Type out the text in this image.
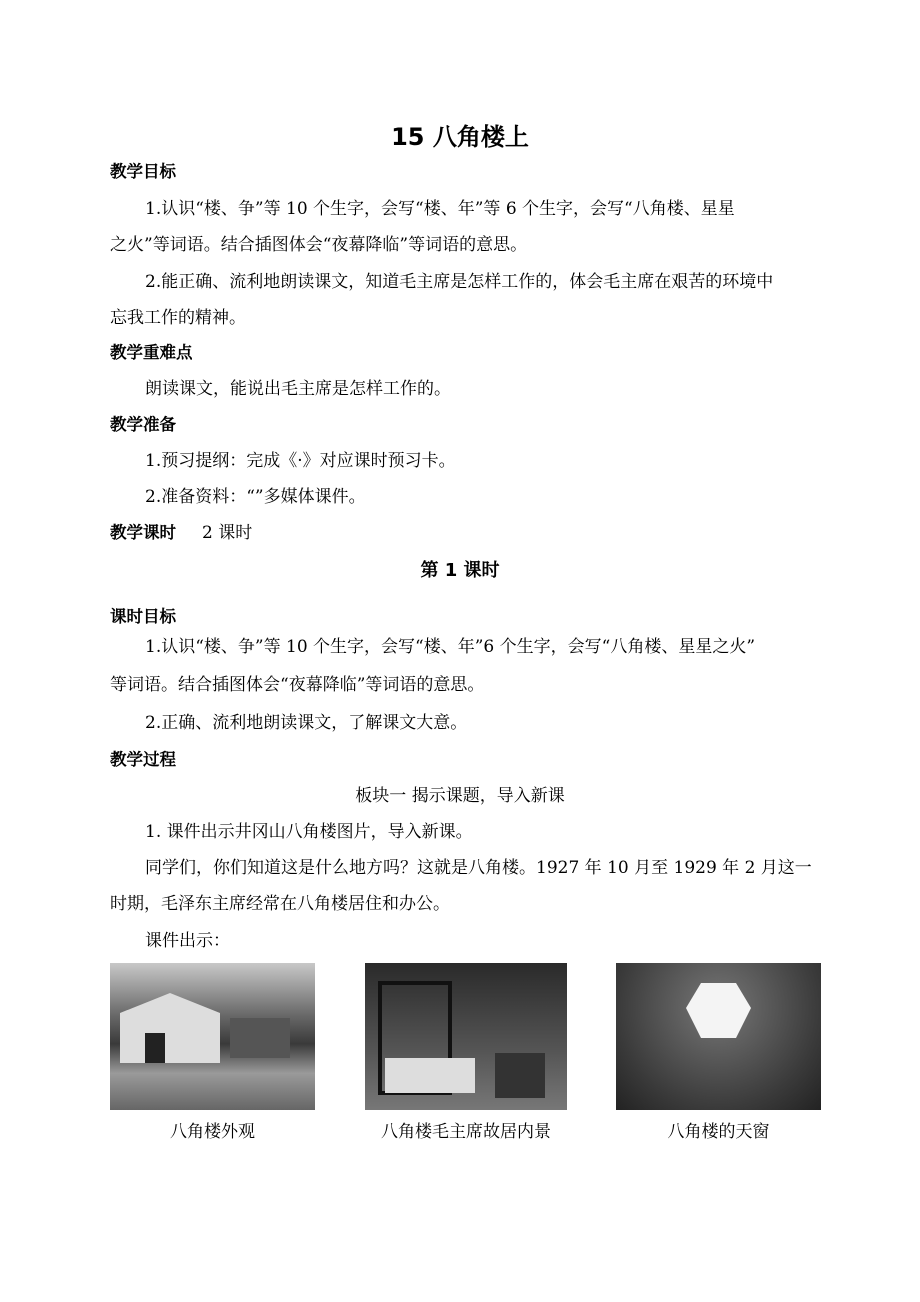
15 八角楼上
教学目标
1.认识“楼、争”等 10 个生字，会写“楼、年”等 6 个生字，会写“八角楼、星星
之火”等词语。结合插图体会“夜幕降临”等词语的意思。
2.能正确、流利地朗读课文，知道毛主席是怎样工作的，体会毛主席在艰苦的环境中
忘我工作的精神。
教学重难点
朗读课文，能说出毛主席是怎样工作的。
教学准备
1.预习提纲：完成《·》对应课时预习卡。
2.准备资料：“”多媒体课件。
教学课时 2 课时
第 1 课时
课时目标
1.认识“楼、争”等 10 个生字，会写“楼、年”6 个生字，会写“八角楼、星星之火”
等词语。结合插图体会“夜幕降临”等词语的意思。
2.正确、流利地朗读课文，了解课文大意。
教学过程
板块一 揭示课题，导入新课
1. 课件出示井冈山八角楼图片，导入新课。
同学们，你们知道这是什么地方吗？这就是八角楼。1927 年 10 月至 1929 年 2 月这一
时期，毛泽东主席经常在八角楼居住和办公。
课件出示：
八角楼外观	八角楼毛主席故居内景	八角楼的天窗
